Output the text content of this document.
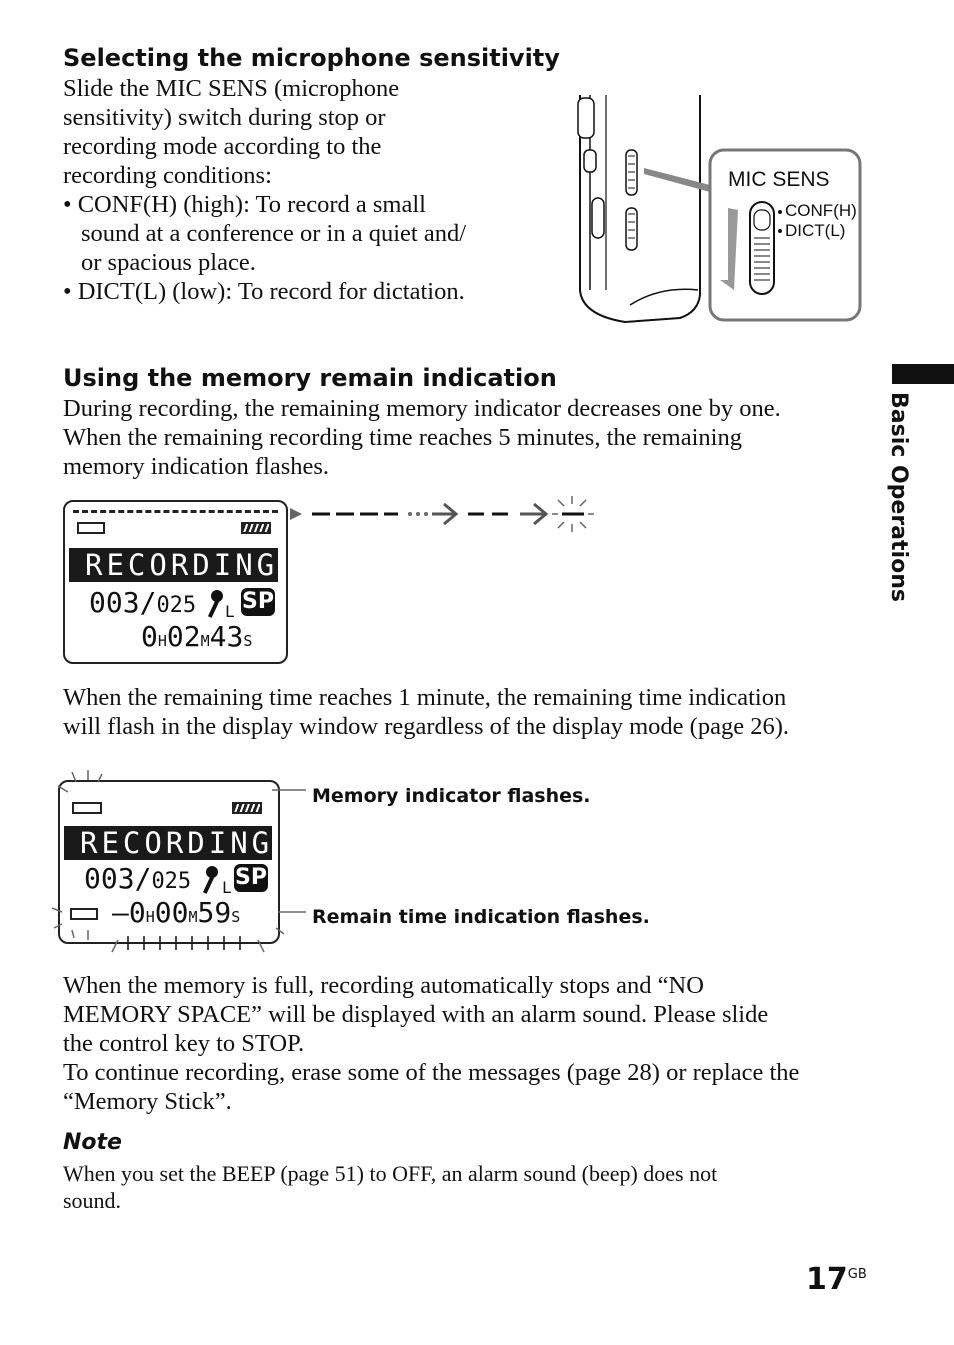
Selecting the microphone sensitivity
Slide the MIC SENS (microphone
sensitivity) switch during stop or
recording mode according to the
recording conditions:
• CONF(H) (high): To record a small
sound at a conference or in a quiet and/
or spacious place.
• DICT(L) (low): To record for dictation.
MIC SENS
CONF(H)
DICT(L)
Using the memory remain indication
During recording, the remaining memory indicator decreases one by one.
When the remaining recording time reaches 5 minutes, the remaining
memory indication flashes.
RECORDING
003/025 L SP
0H02M43S
When the remaining time reaches 1 minute, the remaining time indication
will flash in the display window regardless of the display mode (page 26).
RECORDING
003/025 L SP
–0H00M59S
Memory indicator flashes.
Remain time indication flashes.
When the memory is full, recording automatically stops and “NO
MEMORY SPACE” will be displayed with an alarm sound. Please slide
the control key to STOP.
To continue recording, erase some of the messages (page 28) or replace the
“Memory Stick”.
Note
When you set the BEEP (page 51) to OFF, an alarm sound (beep) does not
sound.
Basic Operations
$17^{GB}$
